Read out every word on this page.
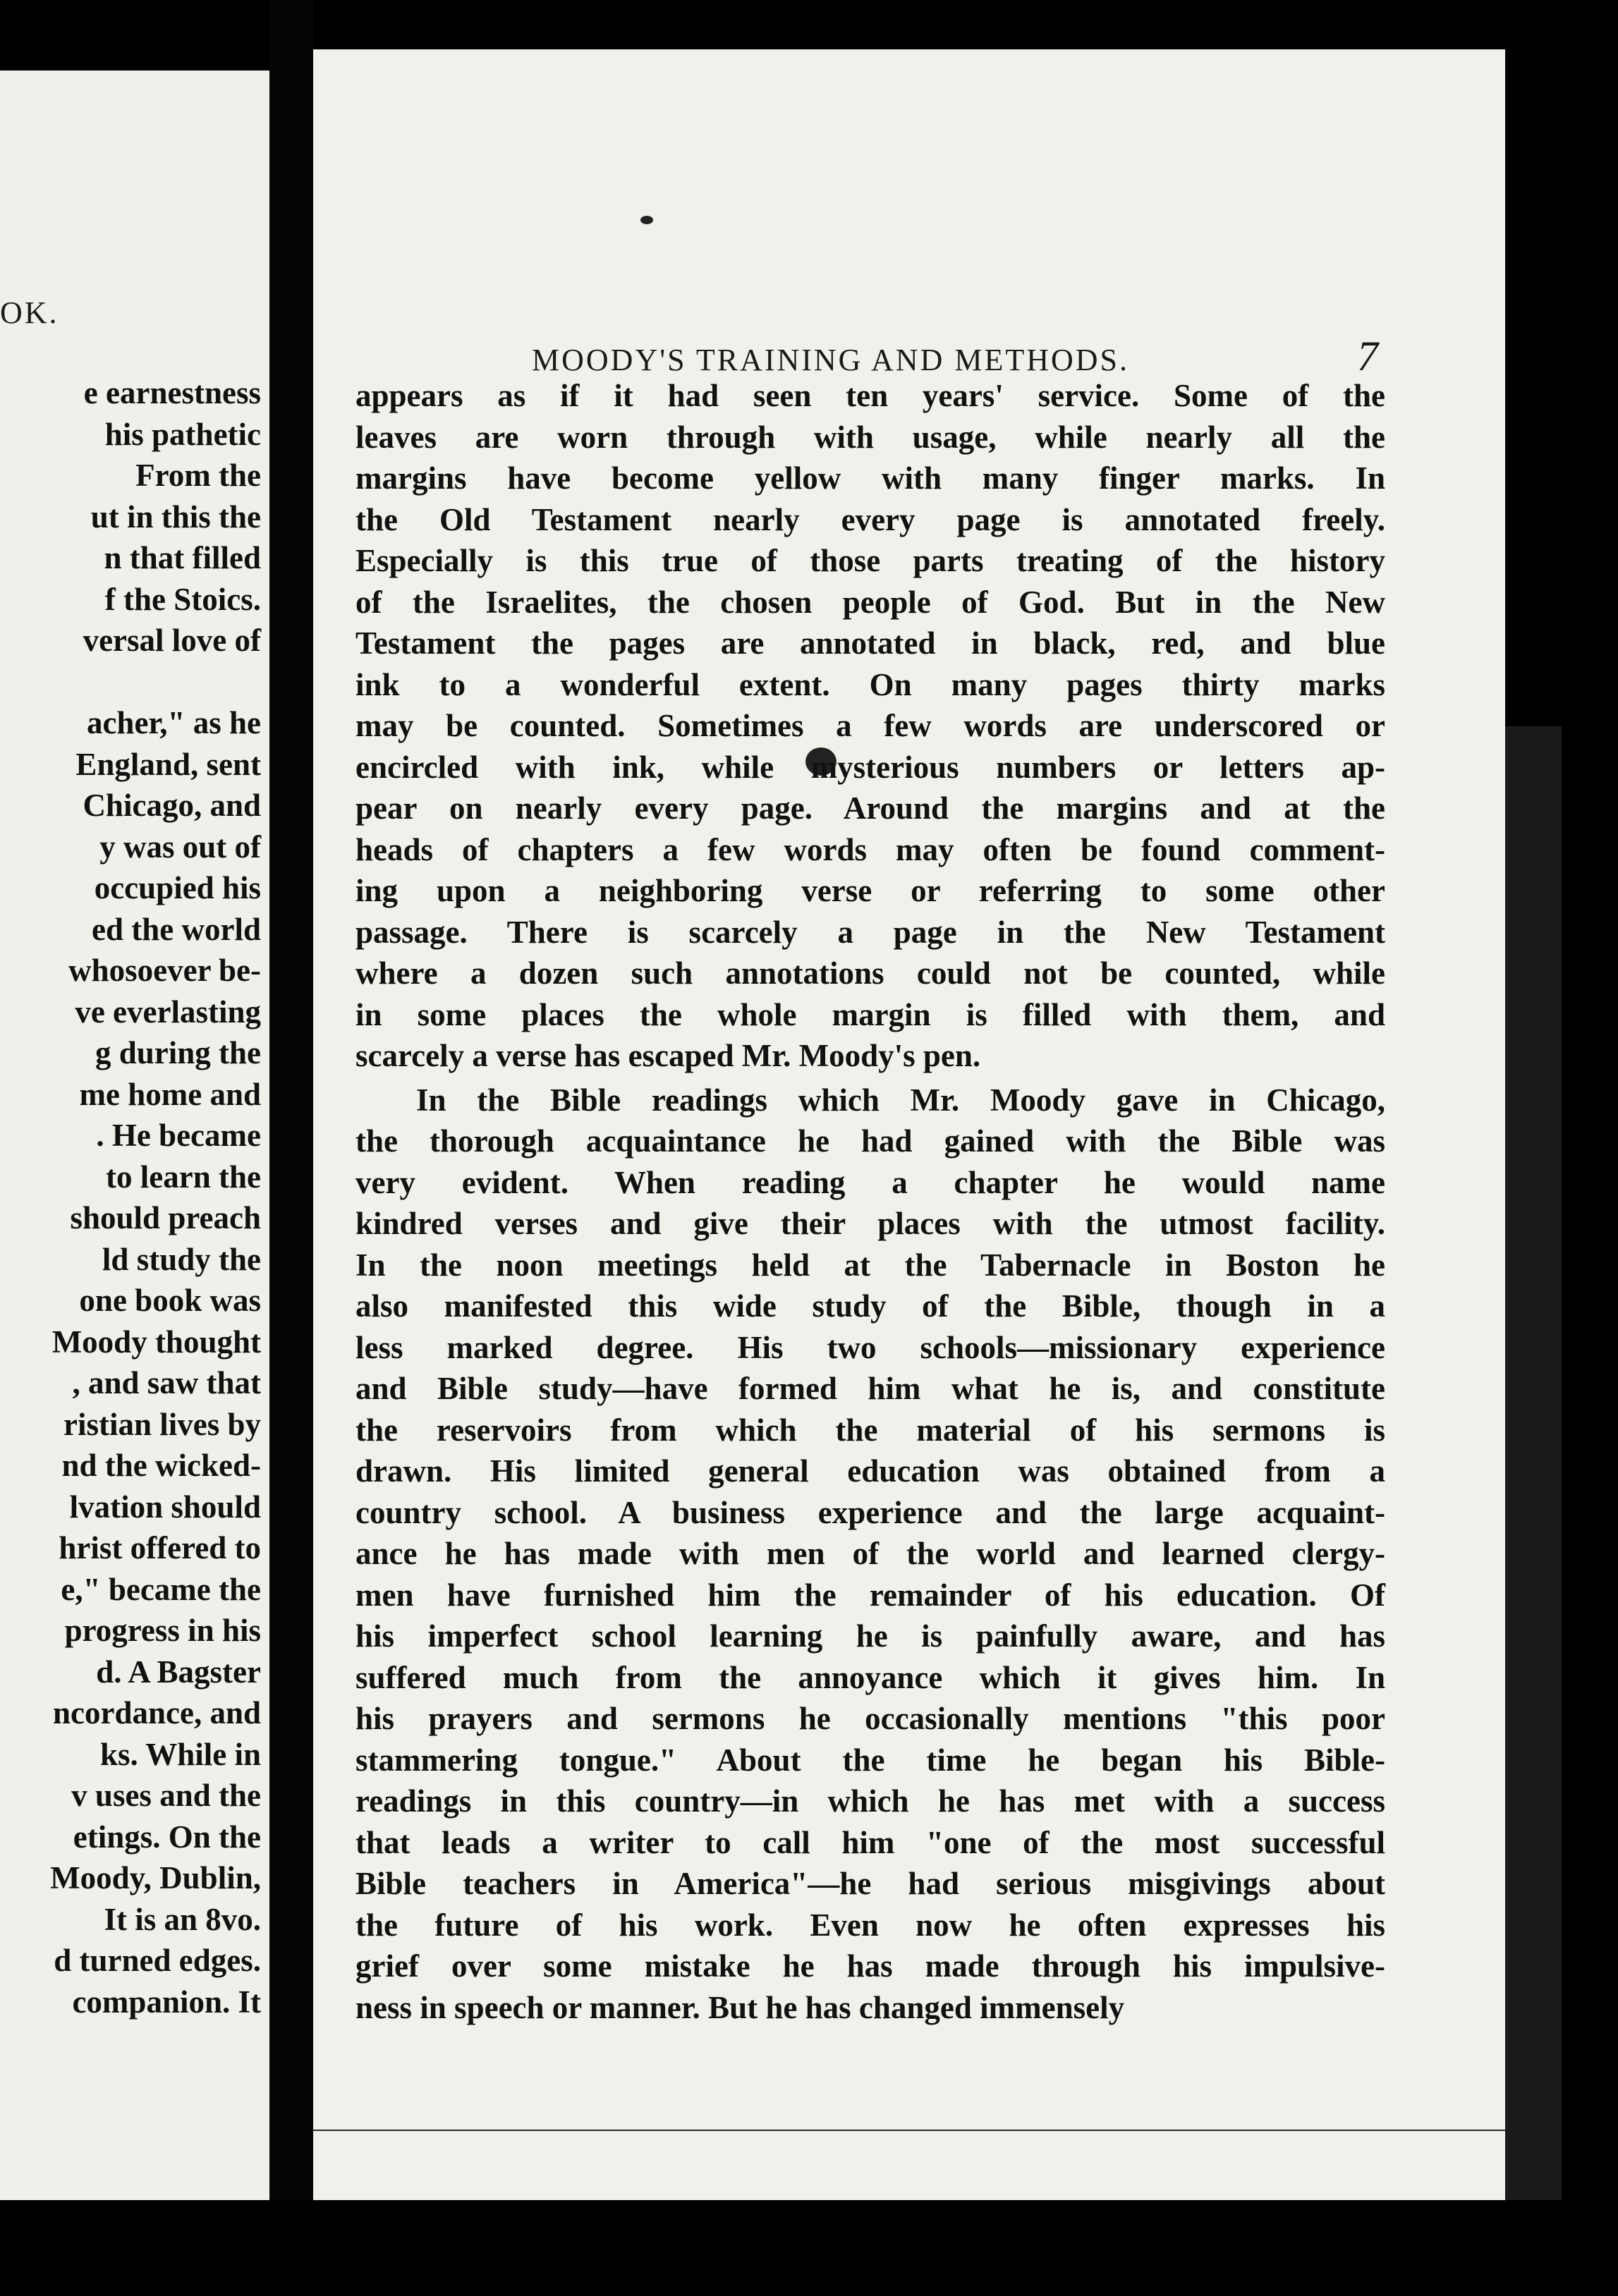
OK.
e earnestness
his pathetic
From the
ut in this the
n that filled
f the Stoics.
versal love of
acher," as he
England, sent
Chicago, and
y was out of
occupied his
ed the world
whosoever be-
ve everlasting
g during the
me home and
. He became
to learn the
should preach
ld study the
one book was
Moody thought
, and saw that
ristian lives by
nd the wicked-
lvation should
hrist offered to
e," became the
progress in his
d. A Bagster
ncordance, and
ks. While in
v uses and the
etings. On the
Moody, Dublin,
It is an 8vo.
d turned edges.
companion. It
MOODY'S TRAINING AND METHODS.	7
appears as if it had seen ten years' service. Some of the
leaves are worn through with usage, while nearly all the
margins have become yellow with many finger marks. In
the Old Testament nearly every page is annotated freely.
Especially is this true of those parts treating of the history
of the Israelites, the chosen people of God. But in the New
Testament the pages are annotated in black, red, and blue
ink to a wonderful extent. On many pages thirty marks
may be counted. Sometimes a few words are underscored or
encircled with ink, while mysterious numbers or letters ap-
pear on nearly every page. Around the margins and at the
heads of chapters a few words may often be found comment-
ing upon a neighboring verse or referring to some other
passage. There is scarcely a page in the New Testament
where a dozen such annotations could not be counted, while
in some places the whole margin is filled with them, and
scarcely a verse has escaped Mr. Moody's pen.
In the Bible readings which Mr. Moody gave in Chicago,
the thorough acquaintance he had gained with the Bible was
very evident. When reading a chapter he would name
kindred verses and give their places with the utmost facility.
In the noon meetings held at the Tabernacle in Boston he
also manifested this wide study of the Bible, though in a
less marked degree. His two schools—missionary experience
and Bible study—have formed him what he is, and constitute
the reservoirs from which the material of his sermons is
drawn. His limited general education was obtained from a
country school. A business experience and the large acquaint-
ance he has made with men of the world and learned clergy-
men have furnished him the remainder of his education. Of
his imperfect school learning he is painfully aware, and has
suffered much from the annoyance which it gives him. In
his prayers and sermons he occasionally mentions "this poor
stammering tongue." About the time he began his Bible-
readings in this country—in which he has met with a success
that leads a writer to call him "one of the most successful
Bible teachers in America"—he had serious misgivings about
the future of his work. Even now he often expresses his
grief over some mistake he has made through his impulsive-
ness in speech or manner. But he has changed immensely
